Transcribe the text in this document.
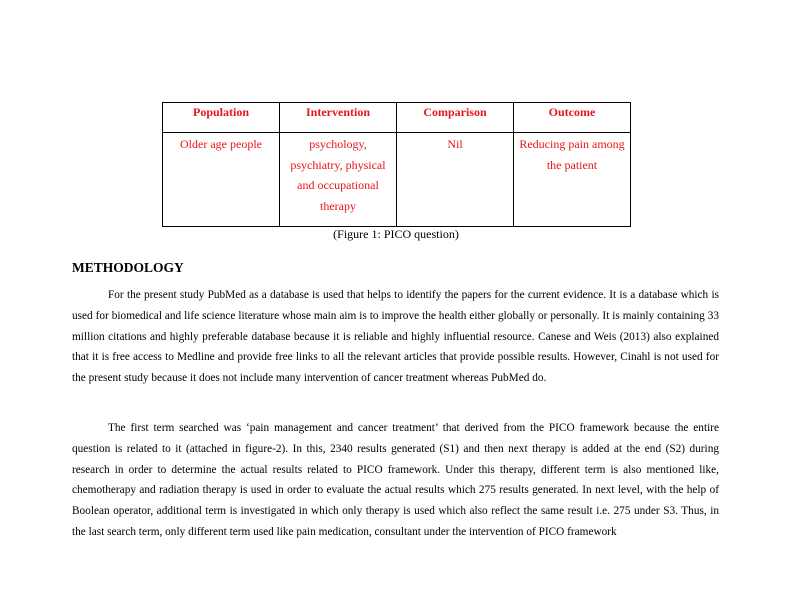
Population	Intervention	Comparison	Outcome
Older age people	psychology, psychiatry, physical and occupational therapy	Nil	Reducing pain among the patient
(Figure 1: PICO question)
METHODOLOGY

For the present study PubMed as a database is used that helps to identify the papers for the current evidence. It is a database which is used for biomedical and life science literature whose main aim is to improve the health either globally or personally. It is mainly containing 33 million citations and highly preferable database because it is reliable and highly influential resource. Canese and Weis (2013) also explained that it is free access to Medline and provide free links to all the relevant articles that provide possible results. However, Cinahl is not used for the present study because it does not include many intervention of cancer treatment whereas PubMed do.

The first term searched was ‘pain management and cancer treatment’ that derived from the PICO framework because the entire question is related to it (attached in figure-2). In this, 2340 results generated (S1) and then next therapy is added at the end (S2) during research in order to determine the actual results related to PICO framework. Under this therapy, different term is also mentioned like, chemotherapy and radiation therapy is used in order to evaluate the actual results which 275 results generated. In next level, with the help of Boolean operator, additional term is investigated in which only therapy is used which also reflect the same result i.e. 275 under S3. Thus, in the last search term, only different term used like pain medication, consultant under the intervention of PICO framework
